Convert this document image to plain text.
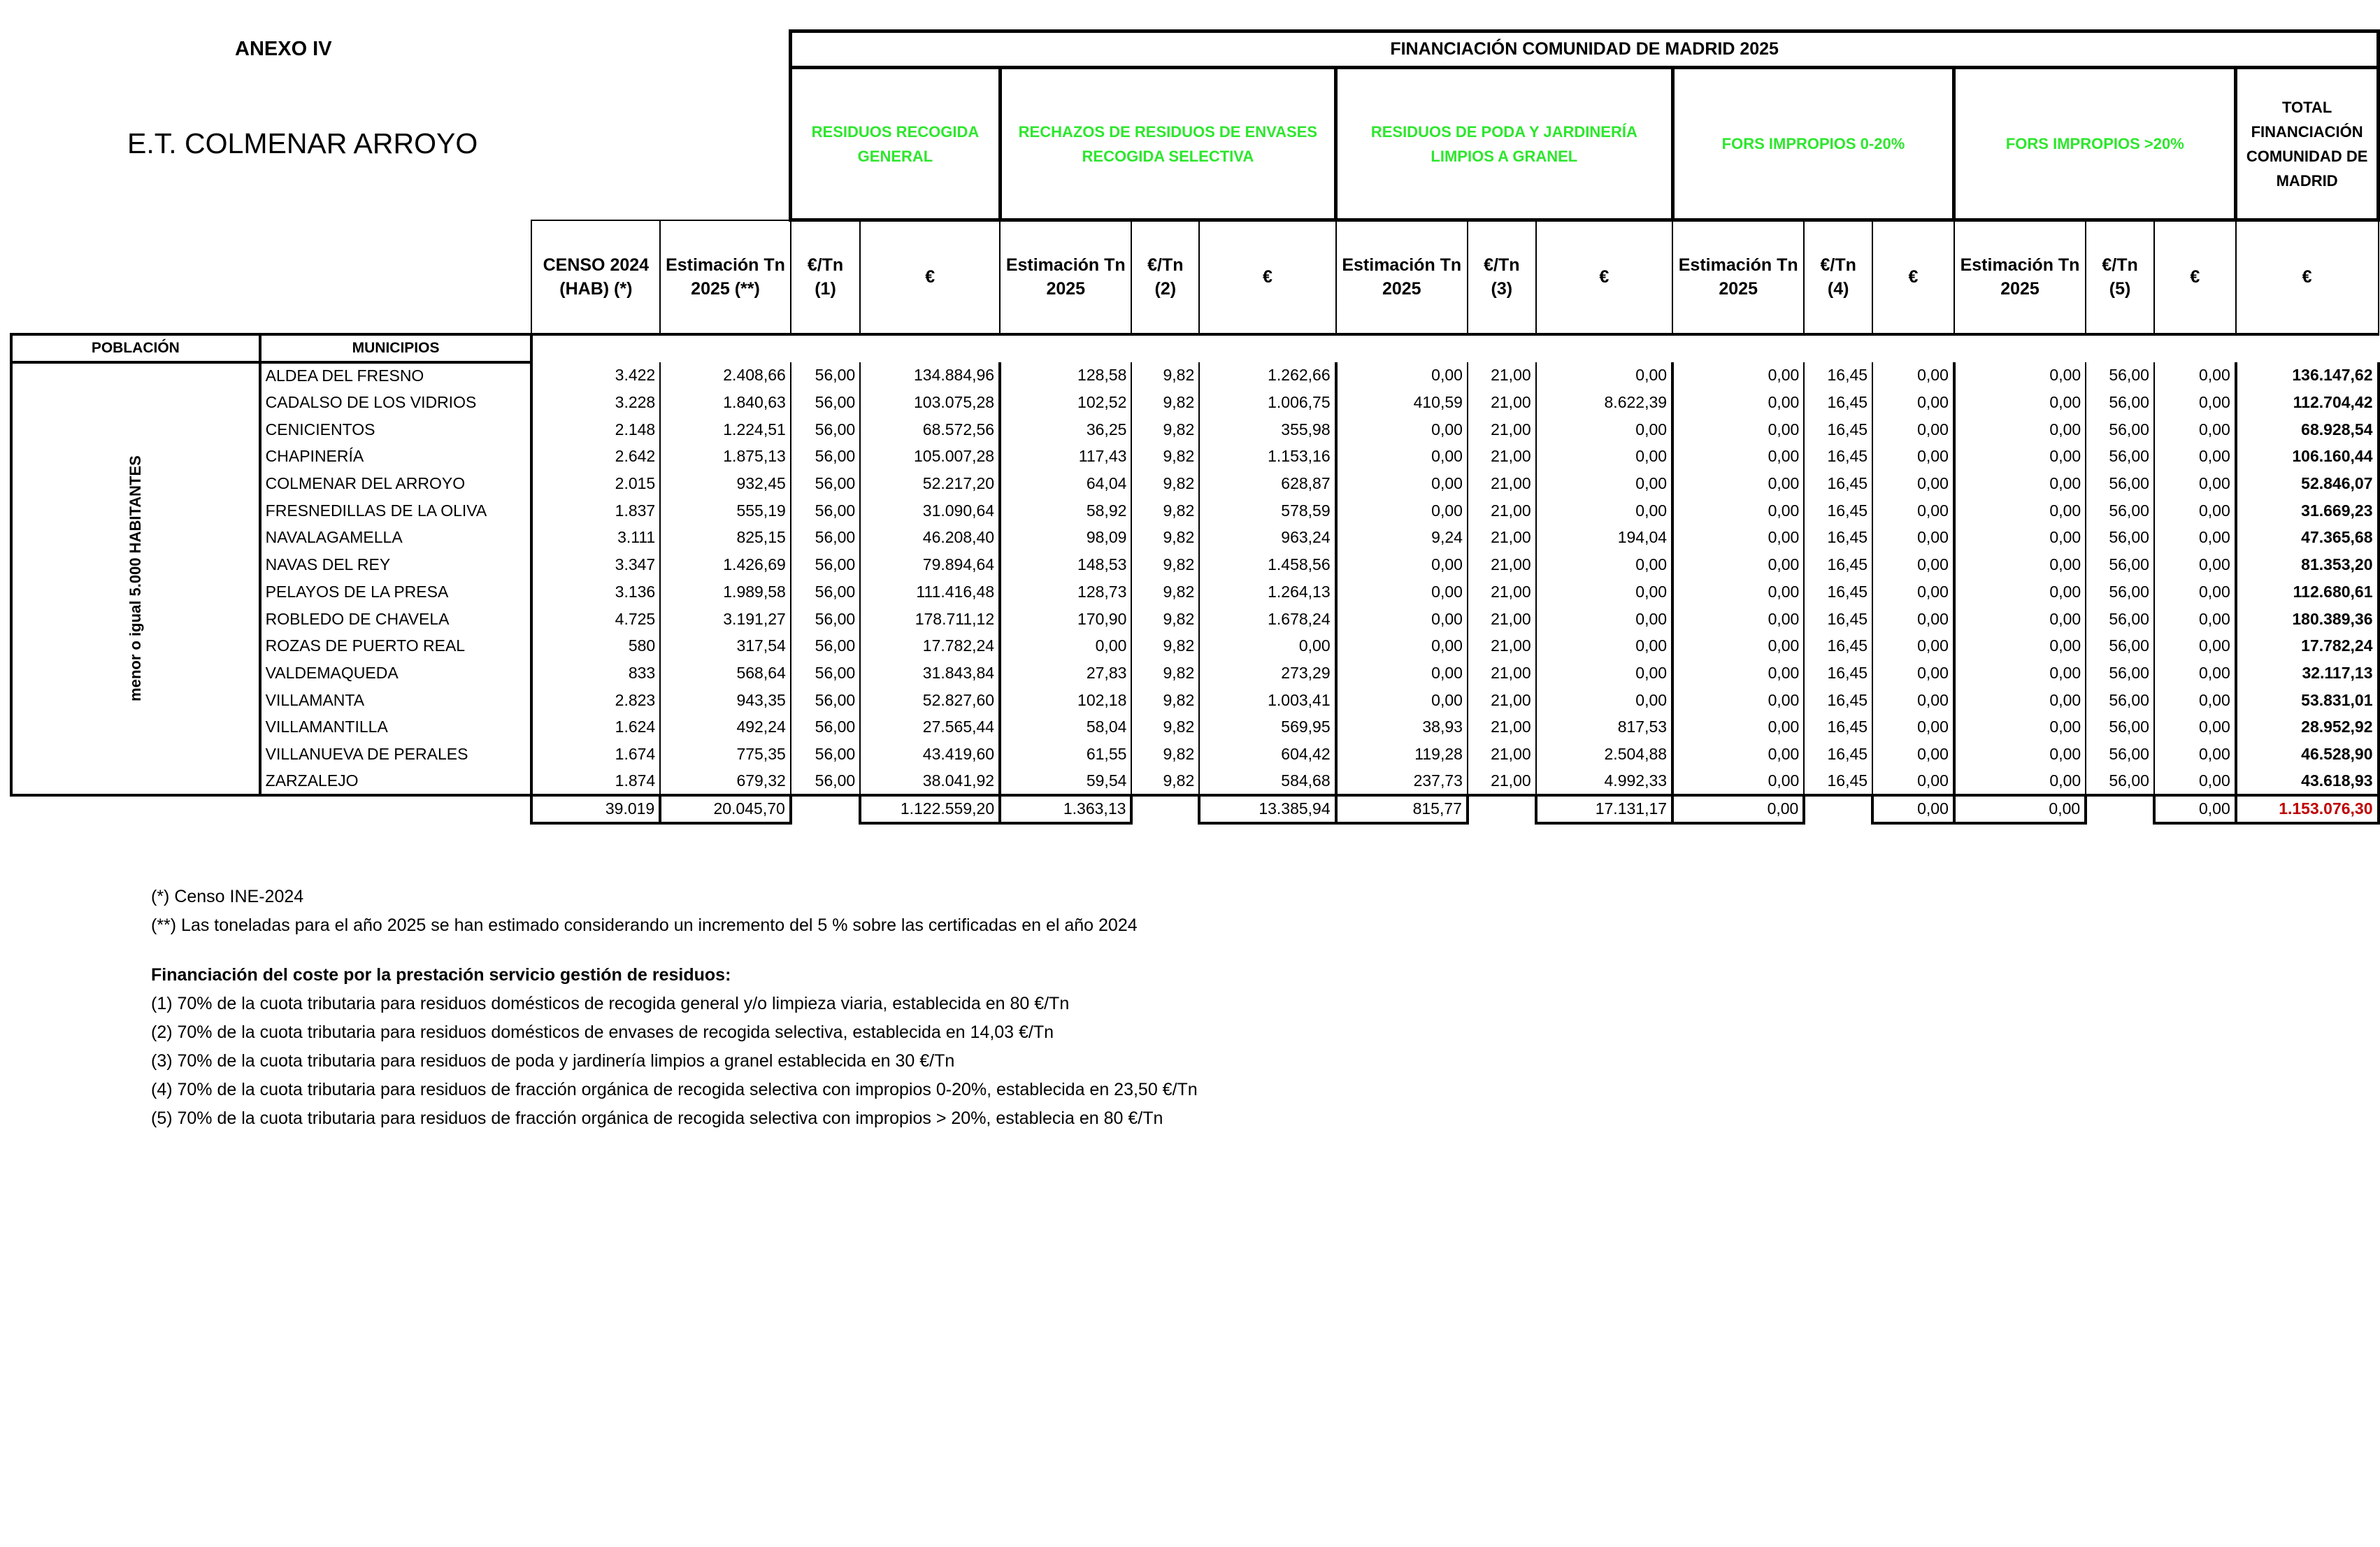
ANEXO IV
E.T. COLMENAR ARROYO
				FINANCIACIÓN COMUNIDAD DE MADRID 2025														
				RESIDUOS RECOGIDA GENERAL		RECHAZOS DE RESIDUOS DE ENVASES RECOGIDA SELECTIVA			RESIDUOS DE PODA Y JARDINERÍA LIMPIOS A GRANEL			FORS IMPROPIOS 0-20%			FORS IMPROPIOS >20%			TOTAL FINANCIACIÓN COMUNIDAD DE MADRID
		CENSO 2024 (HAB) (*)	Estimación Tn 2025 (**)	€/Tn (1)	€	Estimación Tn 2025	€/Tn (2)	€	Estimación Tn 2025	€/Tn (3)	€	Estimación Tn 2025	€/Tn (4)	€	Estimación Tn 2025	€/Tn (5)	€	€
POBLACIÓN	MUNICIPIOS																	
menor o igual 5.000 HABITANTES	ALDEA DEL FRESNO	3.422	2.408,66	56,00	134.884,96	128,58	9,82	1.262,66	0,00	21,00	0,00	0,00	16,45	0,00	0,00	56,00	0,00	136.147,62
	CADALSO DE LOS VIDRIOS	3.228	1.840,63	56,00	103.075,28	102,52	9,82	1.006,75	410,59	21,00	8.622,39	0,00	16,45	0,00	0,00	56,00	0,00	112.704,42
	CENICIENTOS	2.148	1.224,51	56,00	68.572,56	36,25	9,82	355,98	0,00	21,00	0,00	0,00	16,45	0,00	0,00	56,00	0,00	68.928,54
	CHAPINERÍA	2.642	1.875,13	56,00	105.007,28	117,43	9,82	1.153,16	0,00	21,00	0,00	0,00	16,45	0,00	0,00	56,00	0,00	106.160,44
	COLMENAR DEL ARROYO	2.015	932,45	56,00	52.217,20	64,04	9,82	628,87	0,00	21,00	0,00	0,00	16,45	0,00	0,00	56,00	0,00	52.846,07
	FRESNEDILLAS DE LA OLIVA	1.837	555,19	56,00	31.090,64	58,92	9,82	578,59	0,00	21,00	0,00	0,00	16,45	0,00	0,00	56,00	0,00	31.669,23
	NAVALAGAMELLA	3.111	825,15	56,00	46.208,40	98,09	9,82	963,24	9,24	21,00	194,04	0,00	16,45	0,00	0,00	56,00	0,00	47.365,68
	NAVAS DEL REY	3.347	1.426,69	56,00	79.894,64	148,53	9,82	1.458,56	0,00	21,00	0,00	0,00	16,45	0,00	0,00	56,00	0,00	81.353,20
	PELAYOS DE LA PRESA	3.136	1.989,58	56,00	111.416,48	128,73	9,82	1.264,13	0,00	21,00	0,00	0,00	16,45	0,00	0,00	56,00	0,00	112.680,61
	ROBLEDO DE CHAVELA	4.725	3.191,27	56,00	178.711,12	170,90	9,82	1.678,24	0,00	21,00	0,00	0,00	16,45	0,00	0,00	56,00	0,00	180.389,36
	ROZAS DE PUERTO REAL	580	317,54	56,00	17.782,24	0,00	9,82	0,00	0,00	21,00	0,00	0,00	16,45	0,00	0,00	56,00	0,00	17.782,24
	VALDEMAQUEDA	833	568,64	56,00	31.843,84	27,83	9,82	273,29	0,00	21,00	0,00	0,00	16,45	0,00	0,00	56,00	0,00	32.117,13
	VILLAMANTA	2.823	943,35	56,00	52.827,60	102,18	9,82	1.003,41	0,00	21,00	0,00	0,00	16,45	0,00	0,00	56,00	0,00	53.831,01
	VILLAMANTILLA	1.624	492,24	56,00	27.565,44	58,04	9,82	569,95	38,93	21,00	817,53	0,00	16,45	0,00	0,00	56,00	0,00	28.952,92
	VILLANUEVA DE PERALES	1.674	775,35	56,00	43.419,60	61,55	9,82	604,42	119,28	21,00	2.504,88	0,00	16,45	0,00	0,00	56,00	0,00	46.528,90
	ZARZALEJO	1.874	679,32	56,00	38.041,92	59,54	9,82	584,68	237,73	21,00	4.992,33	0,00	16,45	0,00	0,00	56,00	0,00	43.618,93
		39.019	20.045,70		1.122.559,20	1.363,13		13.385,94	815,77		17.131,17	0,00		0,00	0,00		0,00	1.153.076,30
(*) Censo INE-2024
(**) Las toneladas para el año 2025 se han estimado considerando un incremento del 5 % sobre las certificadas en el año 2024
Financiación del coste por la prestación servicio gestión de residuos:
(1) 70% de la cuota tributaria para residuos domésticos de recogida general y/o limpieza viaria, establecida en 80 €/Tn
(2) 70% de la cuota tributaria para residuos domésticos de envases de recogida selectiva, establecida en 14,03 €/Tn
(3) 70% de la cuota tributaria para residuos de poda y jardinería limpios a granel establecida en 30 €/Tn
(4) 70% de la cuota tributaria para residuos de fracción orgánica de recogida selectiva con impropios 0-20%, establecida en 23,50 €/Tn
(5) 70% de la cuota tributaria para residuos de fracción orgánica de recogida selectiva con impropios > 20%, establecia en 80 €/Tn
